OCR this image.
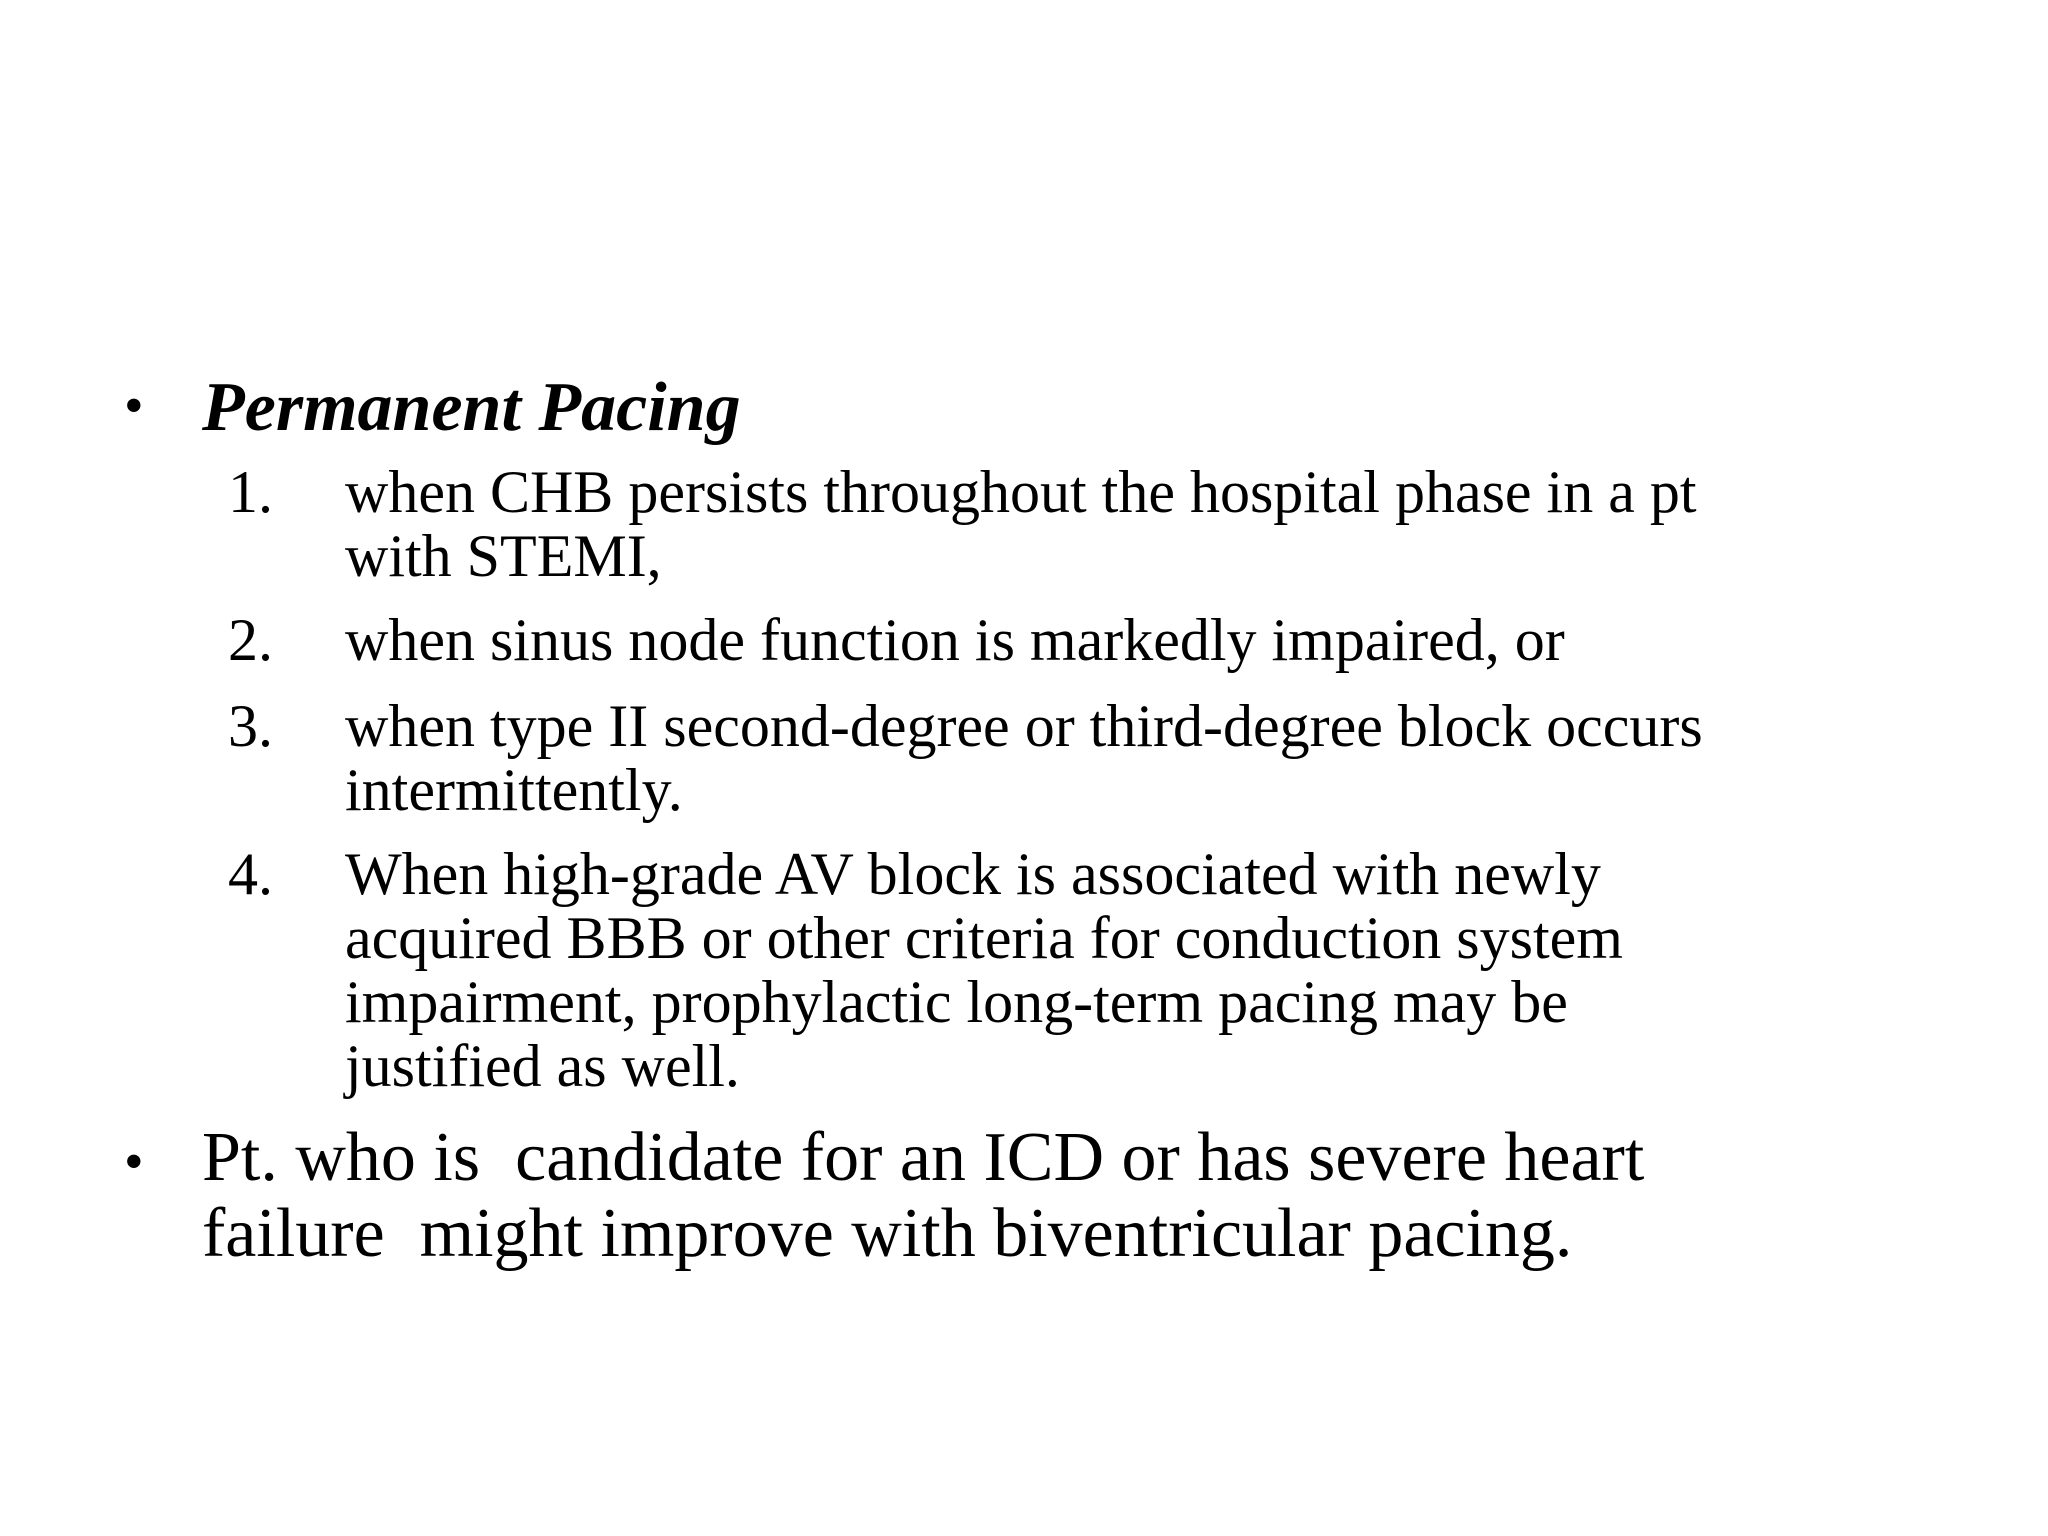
• Permanent Pacing

1. when CHB persists throughout the hospital phase in a pt
with STEMI,

2. when sinus node function is markedly impaired, or

3. when type II second-degree or third-degree block occurs
intermittently.

4. When high-grade AV block is associated with newly
acquired BBB or other criteria for conduction system
impairment, prophylactic long-term pacing may be
justified as well.

• Pt. who is  candidate for an ICD or has severe heart
failure  might improve with biventricular pacing.
